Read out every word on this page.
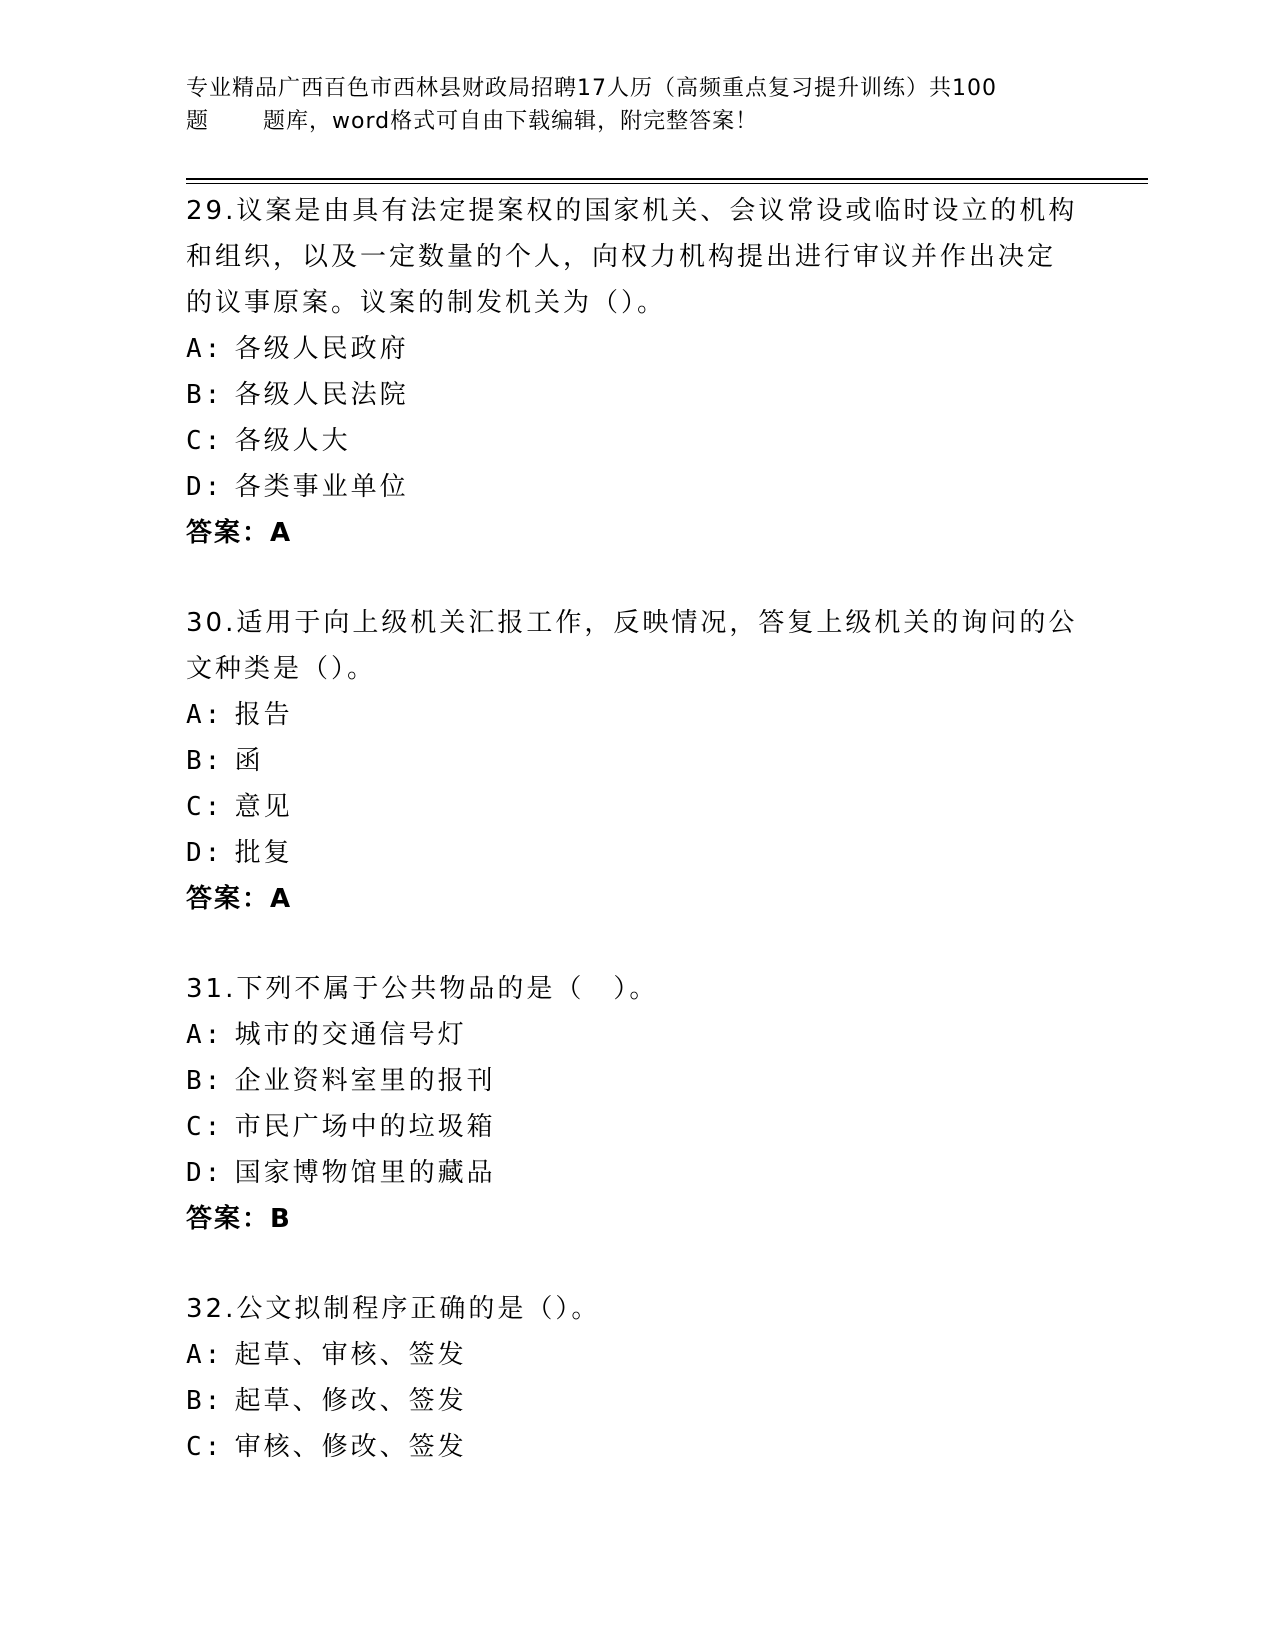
专业精品广西百色市西林县财政局招聘17人历（高频重点复习提升训练）共100
题 题库，word格式可自由下载编辑，附完整答案！
29.议案是由具有法定提案权的国家机关、会议常设或临时设立的机构
和组织，以及一定数量的个人，向权力机构提出进行审议并作出决定
的议事原案。议案的制发机关为（）。
A: 各级人民政府
B: 各级人民法院
C: 各级人大
D: 各类事业单位
答案：A
30.适用于向上级机关汇报工作，反映情况，答复上级机关的询问的公
文种类是（）。
A: 报告
B: 函
C: 意见
D: 批复
答案：A
31.下列不属于公共物品的是（　）。
A: 城市的交通信号灯
B: 企业资料室里的报刊
C: 市民广场中的垃圾箱
D: 国家博物馆里的藏品
答案：B
32.公文拟制程序正确的是（）。
A: 起草、审核、签发
B: 起草、修改、签发
C: 审核、修改、签发
